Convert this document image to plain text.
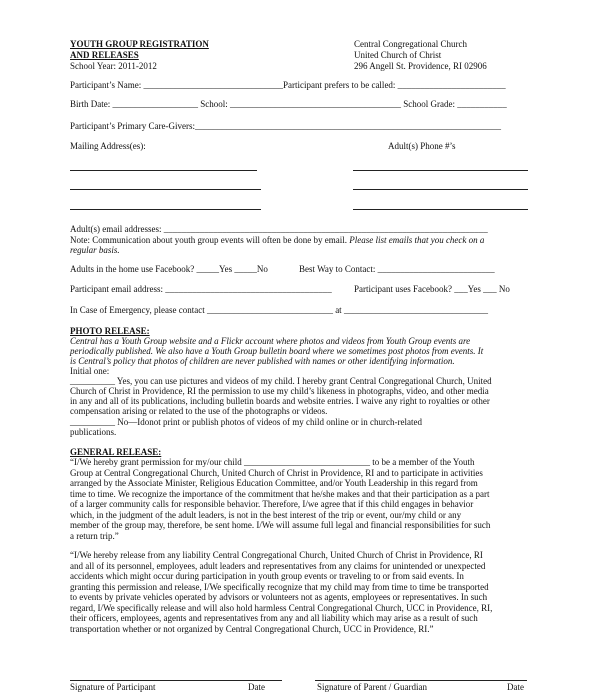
YOUTH GROUP REGISTRATION
AND RELEASES
School Year: 2011-2012
Central Congregational Church
United Church of Christ
296 Angell St. Providence, RI 02906
Participant’s Name: _______________________________Participant prefers to be called: ________________________
Birth Date: ___________________ School: ______________________________________ School Grade: ___________
Participant’s Primary Care-Givers:____________________________________________________________________
Mailing Address(es):	Adult(s) Phone #’s
Adult(s) email addresses: ________________________________________________________________________
Note: Communication about youth group events will often be done by email. Please list emails that you check on a
regular basis.
Adults in the home use Facebook? _____Yes _____No	Best Way to Contact: __________________________
Participant email address: _____________________________________ Participant uses Facebook? ___Yes ___ No
In Case of Emergency, please contact ____________________________ at ________________________________
PHOTO RELEASE:
Central has a Youth Group website and a Flickr account where photos and videos from Youth Group events are
periodically published. We also have a Youth Group bulletin board where we sometimes post photos from events. It
is Central’s policy that photos of children are never published with names or other identifying information.
Initial one:
__________ Yes, you can use pictures and videos of my child. I hereby grant Central Congregational Church, United
Church of Christ in Providence, RI the permission to use my child’s likeness in photographs, video, and other media
in any and all of its publications, including bulletin boards and website entries. I waive any right to royalties or other
compensation arising or related to the use of the photographs or videos.
__________ No—Idonot print or publish photos of videos of my child online or in church-related
publications.
GENERAL RELEASE:
“I/We hereby grant permission for my/our child ____________________________ to be a member of the Youth
Group at Central Congregational Church, United Church of Christ in Providence, RI and to participate in activities
arranged by the Associate Minister, Religious Education Committee, and/or Youth Leadership in this regard from
time to time. We recognize the importance of the commitment that he/she makes and that their participation as a part
of a larger community calls for responsible behavior. Therefore, I/we agree that if this child engages in behavior
which, in the judgment of the adult leaders, is not in the best interest of the trip or event, our/my child or any
member of the group may, therefore, be sent home. I/We will assume full legal and financial responsibilities for such
a return trip.”
“I/We hereby release from any liability Central Congregational Church, United Church of Christ in Providence, RI
and all of its personnel, employees, adult leaders and representatives from any claims for unintended or unexpected
accidents which might occur during participation in youth group events or traveling to or from said events. In
granting this permission and release, I/We specifically recognize that my child may from time to time be transported
to events by private vehicles operated by advisors or volunteers not as agents, employees or representatives. In such
regard, I/We specifically release and will also hold harmless Central Congregational Church, UCC in Providence, RI,
their officers, employees, agents and representatives from any and all liability which may arise as a result of such
transportation whether or not organized by Central Congregational Church, UCC in Providence, RI.”
Signature of Participant	Date	Signature of Parent / Guardian	Date
